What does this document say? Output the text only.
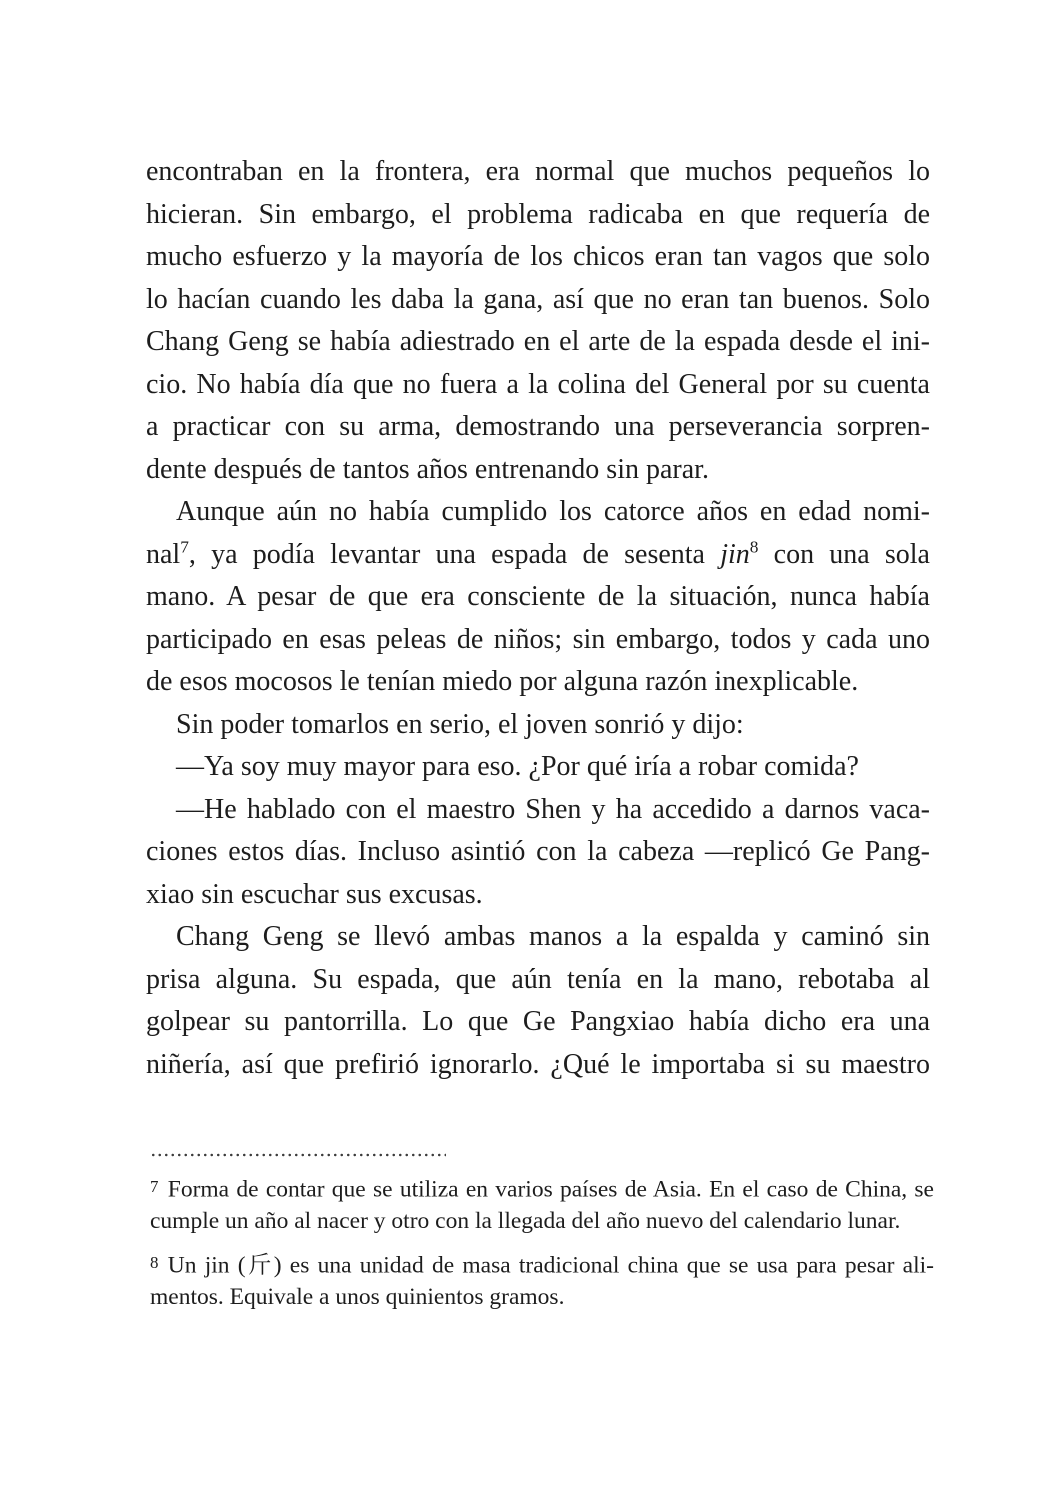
encontraban en la frontera, era normal que muchos pequeños lo
hicieran. Sin embargo, el problema radicaba en que requería de
mucho esfuerzo y la mayoría de los chicos eran tan vagos que solo
lo hacían cuando les daba la gana, así que no eran tan buenos. Solo
Chang Geng se había adiestrado en el arte de la espada desde el ini-
cio. No había día que no fuera a la colina del General por su cuenta
a practicar con su arma, demostrando una perseverancia sorpren-
dente después de tantos años entrenando sin parar.
Aunque aún no había cumplido los catorce años en edad nomi-
nal$^7$, ya podía levantar una espada de sesenta jin$^8$ con una sola
mano. A pesar de que era consciente de la situación, nunca había
participado en esas peleas de niños; sin embargo, todos y cada uno
de esos mocosos le tenían miedo por alguna razón inexplicable.
Sin poder tomarlos en serio, el joven sonrió y dijo:
—Ya soy muy mayor para eso. ¿Por qué iría a robar comida?
—He hablado con el maestro Shen y ha accedido a darnos vaca-
ciones estos días. Incluso asintió con la cabeza —replicó Ge Pang-
xiao sin escuchar sus excusas.
Chang Geng se llevó ambas manos a la espalda y caminó sin
prisa alguna. Su espada, que aún tenía en la mano, rebotaba al
golpear su pantorrilla. Lo que Ge Pangxiao había dicho era una
niñería, así que prefirió ignorarlo. ¿Qué le importaba si su maestro
$^7$ Forma de contar que se utiliza en varios países de Asia. En el caso de China, se
cumple un año al nacer y otro con la llegada del año nuevo del calendario lunar.
$^8$ Un jin (斤) es una unidad de masa tradicional china que se usa para pesar ali-
mentos. Equivale a unos quinientos gramos.
